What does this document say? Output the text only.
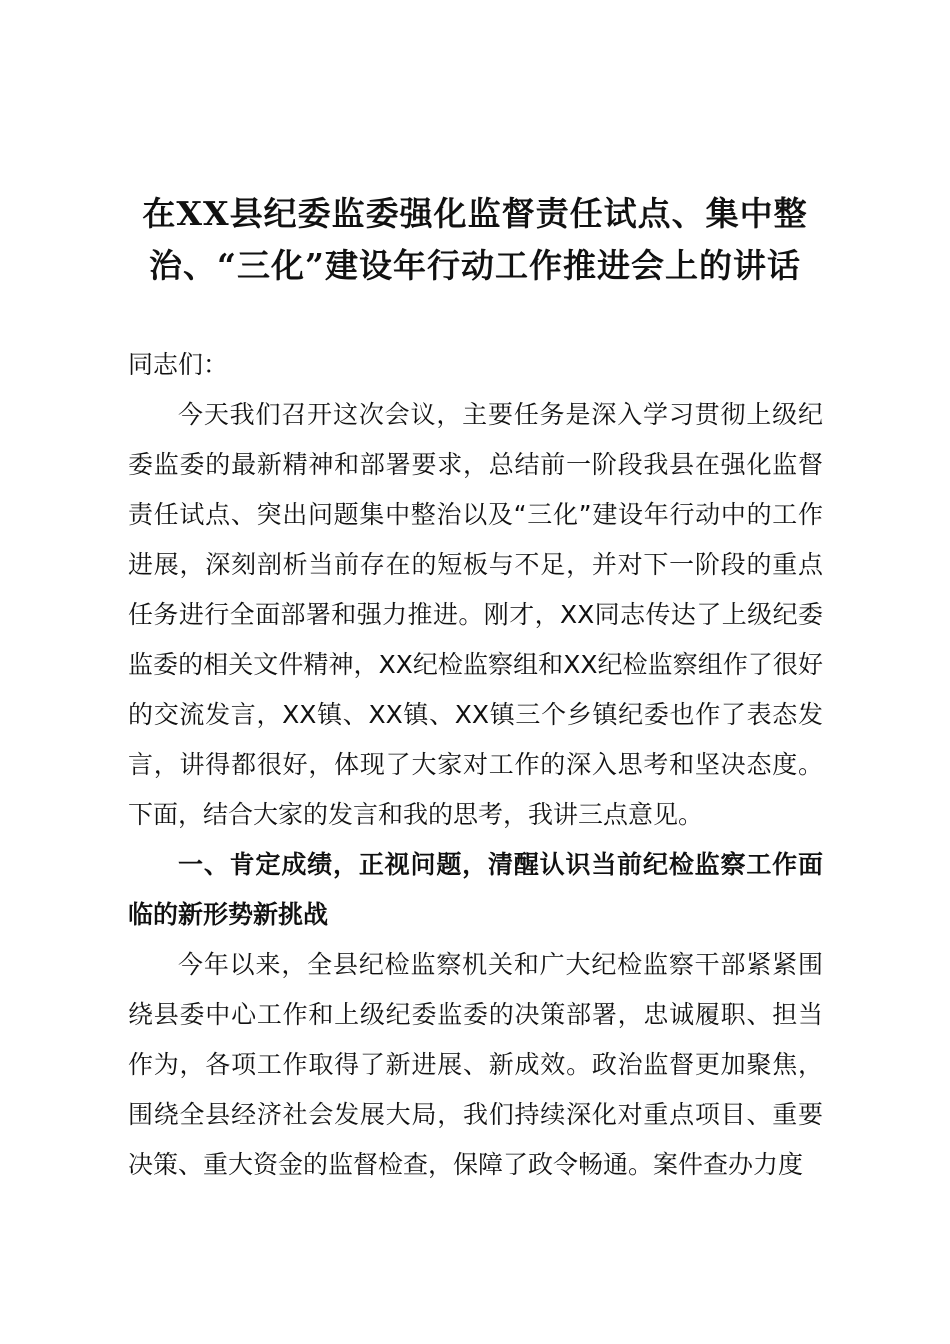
在XX县纪委监委强化监督责任试点、集中整
治、“三化”建设年行动工作推进会上的讲话

同志们：

今天我们召开这次会议，主要任务是深入学习贯彻上级纪委监委的最新精神和部署要求，总结前一阶段我县在强化监督责任试点、突出问题集中整治以及“三化”建设年行动中的工作进展，深刻剖析当前存在的短板与不足，并对下一阶段的重点任务进行全面部署和强力推进。刚才，XX同志传达了上级纪委监委的相关文件精神，XX纪检监察组和XX纪检监察组作了很好的交流发言，XX镇、XX镇、XX镇三个乡镇纪委也作了表态发言，讲得都很好，体现了大家对工作的深入思考和坚决态度。下面，结合大家的发言和我的思考，我讲三点意见。

一、肯定成绩，正视问题，清醒认识当前纪检监察工作面临的新形势新挑战

今年以来，全县纪检监察机关和广大纪检监察干部紧紧围绕县委中心工作和上级纪委监委的决策部署，忠诚履职、担当作为，各项工作取得了新进展、新成效。政治监督更加聚焦，围绕全县经济社会发展大局，我们持续深化对重点项目、重要决策、重大资金的监督检查，保障了政令畅通。案件查办力度
